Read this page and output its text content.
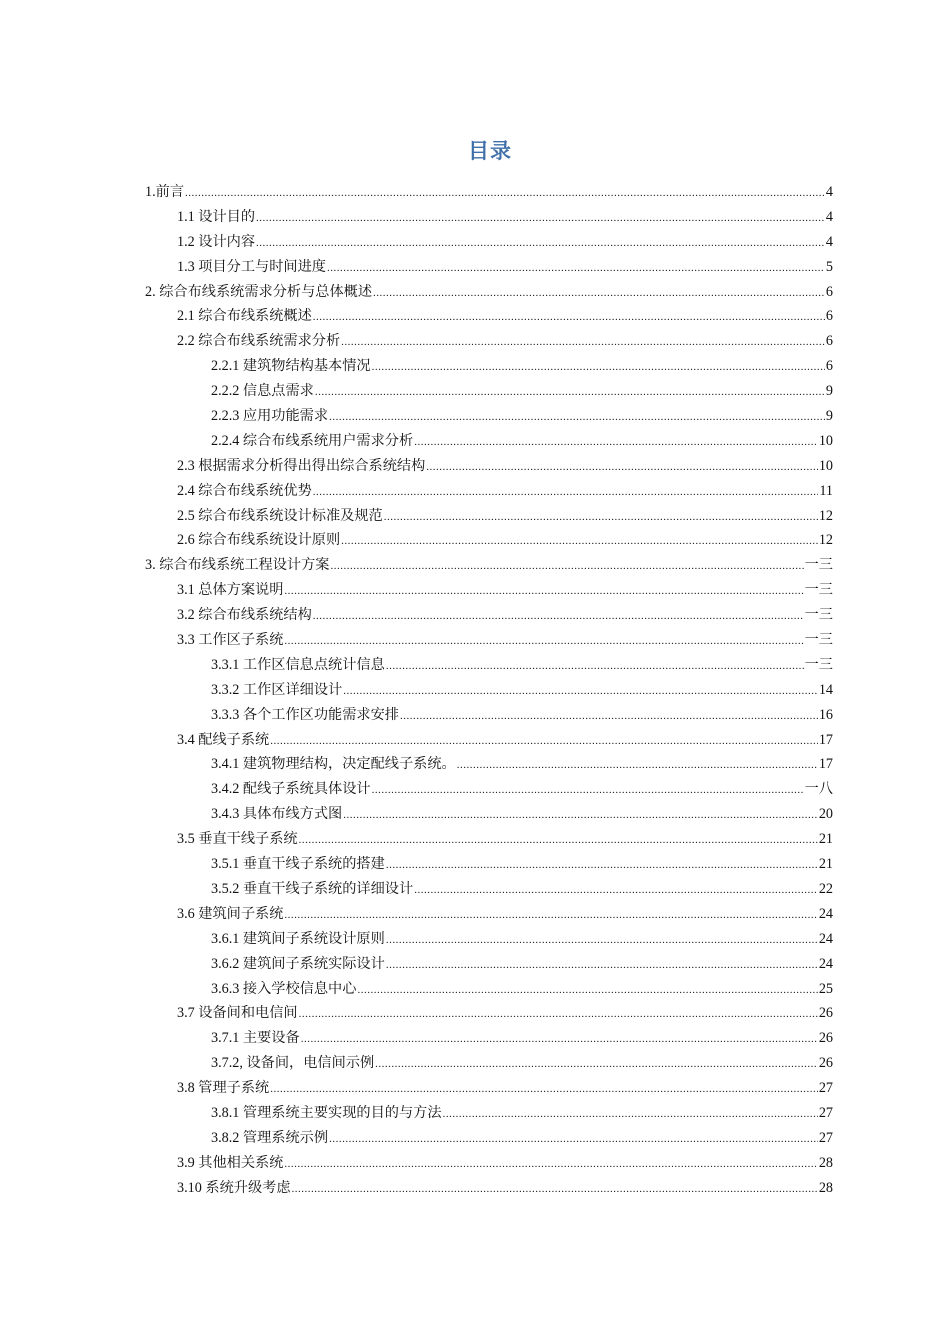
目录
1.前言 .....	4
1.1 设计目的 .....	4
1.2 设计内容 .....	4
1.3 项目分工与时间进度 .....	5
2. 综合布线系统需求分析与总体概述 .....	6
2.1 综合布线系统概述 .....	6
2.2 综合布线系统需求分析 .....	6
2.2.1 建筑物结构基本情况 .....	6
2.2.2 信息点需求 .....	9
2.2.3 应用功能需求 .....	9
2.2.4 综合布线系统用户需求分析 .....	10
2.3 根据需求分析得出得出综合系统结构 .....	10
2.4 综合布线系统优势 .....	11
2.5 综合布线系统设计标准及规范 .....	12
2.6 综合布线系统设计原则 .....	12
3. 综合布线系统工程设计方案 .....	一三
3.1 总体方案说明 .....	一三
3.2 综合布线系统结构 .....	一三
3.3 工作区子系统 .....	一三
3.3.1 工作区信息点统计信息 .....	一三
3.3.2 工作区详细设计 .....	14
3.3.3 各个工作区功能需求安排 .....	16
3.4 配线子系统 .....	17
3.4.1 建筑物理结构，决定配线子系统。 .....	17
3.4.2 配线子系统具体设计 .....	一八
3.4.3 具体布线方式图 .....	20
3.5 垂直干线子系统 .....	21
3.5.1 垂直干线子系统的搭建 .....	21
3.5.2 垂直干线子系统的详细设计 .....	22
3.6 建筑间子系统 .....	24
3.6.1 建筑间子系统设计原则 .....	24
3.6.2 建筑间子系统实际设计 .....	24
3.6.3 接入学校信息中心 .....	25
3.7 设备间和电信间 .....	26
3.7.1 主要设备 .....	26
3.7.2, 设备间，电信间示例 .....	26
3.8 管理子系统 .....	27
3.8.1 管理系统主要实现的目的与方法 .....	27
3.8.2 管理系统示例 .....	27
3.9 其他相关系统 .....	28
3.10 系统升级考虑 .....	28
